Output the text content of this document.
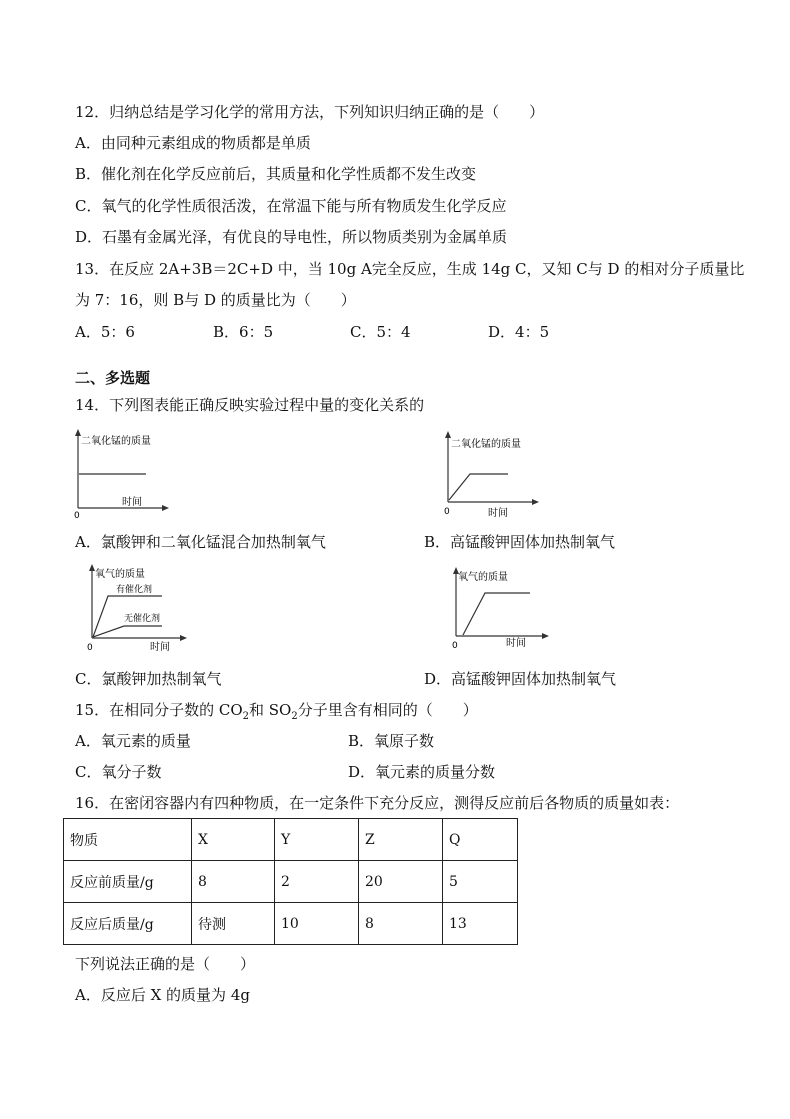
12．归纳总结是学习化学的常用方法，下列知识归纳正确的是（　　）
A．由同种元素组成的物质都是单质
B．催化剂在化学反应前后，其质量和化学性质都不发生改变
C．氧气的化学性质很活泼，在常温下能与所有物质发生化学反应
D．石墨有金属光泽，有优良的导电性，所以物质类别为金属单质
13．在反应 2A+3B＝2C+D 中，当 10g A完全反应，生成 14g C，又知 C与 D 的相对分子质量比
为 7：16，则 B与 D 的质量比为（　　）
A．5：6	B．6：5	C．5：4	D．4：5
二、多选题
14．下列图表能正确反映实验过程中量的变化关系的
二氧化锰的质量
时间
0
A．氯酸钾和二氧化锰混合加热制氧气
二氧化锰的质量
时间
0
B．高锰酸钾固体加热制氧气
氧气的质量
有催化剂
无催化剂
时间
0
C．氯酸钾加热制氧气
氧气的质量
时间
0
D．高锰酸钾固体加热制氧气
15．在相同分子数的 $CO_2$和 $SO_2$分子里含有相同的（　　）
A．氧元素的质量	B．氧原子数
C．氧分子数	D．氧元素的质量分数
16．在密闭容器内有四种物质，在一定条件下充分反应，测得反应前后各物质的质量如表：
物质	X	Y	Z	Q
反应前质量/g	8	2	20	5
反应后质量/g	待测	10	8	13
下列说法正确的是（　　）
A．反应后 X 的质量为 4g
